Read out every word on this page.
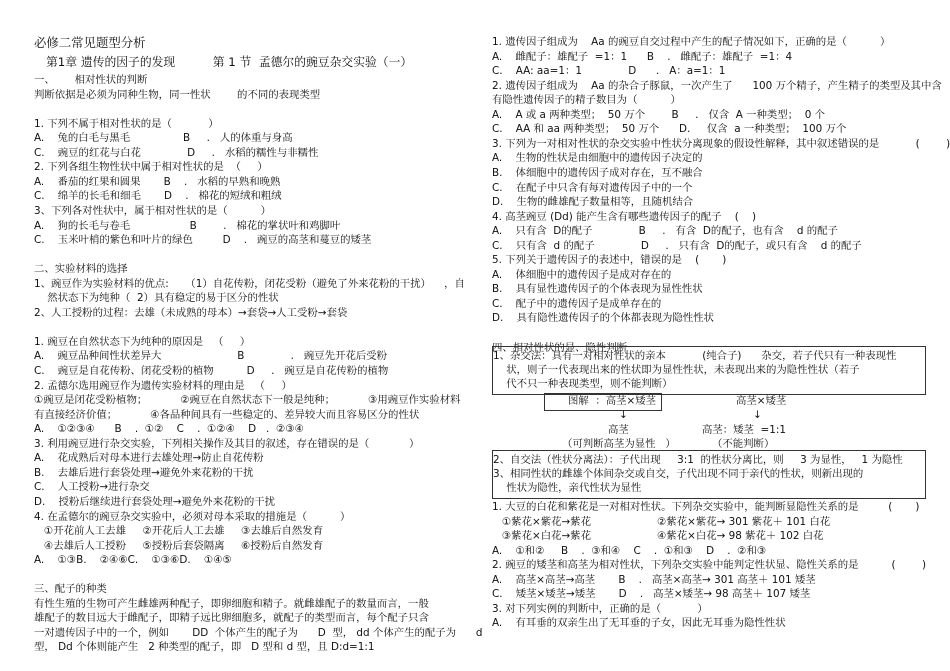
必修二常见题型分析
第1章 遗传的因子的发现          第 1 节  孟德尔的豌豆杂交实验（一）
一、      相对性状的判断
判断依据是必须为同种生物，同一性状        的不同的表现类型
1. 下列不属于相对性状的是（           ）
A.    兔的白毛与黑毛                B     .   人的体重与身高
C.    豌豆的红花与白花              D     .   水稻的糯性与非糯性
2. 下列各组生物性状中属于相对性状的是  （     ）
A.    番茄的红果和圆果       B    .   水稻的早熟和晚熟
C.    绵羊的长毛和细毛       D    .   棉花的短绒和粗绒
3、下列各对性状中，属于相对性状的是（          ）
A.    狗的长毛与卷毛                  B        .   棉花的掌状叶和鸡脚叶
C.    玉米叶梢的紫色和叶片的绿色         D    .   豌豆的高茎和蔓豆的矮茎
二、实验材料的选择
1、豌豆作为实验材料的优点:     （1）自花传粉，闭花受粉（避免了外来花粉的干扰）    ，自
然状态下为纯种（  2）具有稳定的易于区分的性状
2、人工授粉的过程：去雄（未成熟的母本）→套袋→人工受粉→套袋
1. 豌豆在自然状态下为纯种的原因是   （     ）
A.    豌豆品种间性状差异大                       B              .   豌豆先开花后受粉
C.    豌豆是自花传粉、闭花受粉的植物          D     .   豌豆是自花传粉的植物
2. 孟德尔选用豌豆作为遗传实验材料的理由是   （     ）
①豌豆是闭花受粉植物；          ②豌豆在自然状态下一般是纯种；          ③用豌豆作实验材料
有直接经济价值；          ④各品种间具有一些稳定的、差异较大而且容易区分的性状
A.    ①②③④      B    .  ①②    C    .  ①②④    D   .  ②③④
3. 利用豌豆进行杂交实验，下列相关操作及其目的叙述，存在错误的是（            ）
A.    花成熟后对母本进行去雄处理→防止自花传粉
B.    去雄后进行套袋处理→避免外来花粉的干扰
C.    人工授粉→进行杂交
D.    授粉后继续进行套袋处理→避免外来花粉的干扰
4. 在孟德尔的豌豆杂交实验中，必须对母本采取的措施是（          ）
①开花前人工去雄     ②开花后人工去雄     ③去雄后自然发育
④去雄后人工授粉     ⑤授粉后套袋隔离     ⑥授粉后自然发育
A.    ①③B.    ②④⑥C.    ①③⑥D.    ①④⑤
三、配子的种类
有性生殖的生物可产生雌雄两种配子，即卵细胞和精子。就雌雄配子的数量而言，一般
雄配子的数目远大于雌配子，即精子远比卵细胞多，就配子的类型而言，每个配子只含
一对遗传因子中的一个，例如       DD  个体产生的配子为      D  型， dd 个体产生的配子为      d
型， Dd 个体则能产生   2 种类型的配子，即   D 型和 d 型，且 D:d=1:1
1. 遗传因子组成为    Aa 的豌豆自交过程中产生的配子情况如下，正确的是（          ）
A.    雌配子：雄配子  =1：1      B    .   雌配子：雄配子  =1：4
C.    AA: aa=1：1              D      .   A：a=1：1
2. 遗传因子组成为    Aa 的杂合子豚鼠，一次产生了      100 万个精子，产生精子的类型及其中含
有隐性遗传因子的精子数目为（          ）
A.    A 或 a 两种类型；  50 万个        B     .   仅含  A 一种类型；  0 个
C.    AA 和 aa 两种类型；  50 万个      D.     仅含  a 一种类型；  100 万个
3. 下列为一对相对性状的杂交实验中性状分离现象的假设性解释，其中叙述错误的是           (        )
A.    生物的性状是由细胞中的遗传因子决定的
B.    体细胞中的遗传因子成对存在，互不融合
C.    在配子中只含有每对遗传因子中的一个
D.    生物的雌雄配子数量相等，且随机结合
4. 高茎豌豆 (Dd) 能产生含有哪些遗传因子的配子    (    )
A.    只有含  D的配子              B     .   有含  D的配子，也有含    d 的配子
C.    只有含  d 的配子              D     .   只有含  D的配子，或只有含    d 的配子
5. 下列关于遗传因子的表述中，错误的是    (       )
A.    体细胞中的遗传因子是成对存在的
B.    具有显性遗传因子的个体表现为显性性状
C.    配子中的遗传因子是成单存在的
D.    具有隐性遗传因子的个体都表现为隐性性状
四、相对性状的显、隐性判断
1、杂交法：具有一对相对性状的亲本           (纯合子)      杂交，若子代只有一种表现性
状，则子一代表现出来的性状即为显性性状，未表现出来的为隐性性状（若子
代不只一种表现类型，则不能判断）
图解  ：高茎×矮茎	高茎×矮茎
↓	↓
高茎	高茎：矮茎  =1:1
（可判断高茎为显性   ）	（不能判断）
2、自交法（性状分离法）：子代出现     3:1  的性状分离比，则     3 为显性，   1 为隐性
3、相同性状的雌雄个体间杂交或自交，子代出现不同于亲代的性状，则新出现的
性状为隐性，亲代性状为显性
1. 大豆的白花和紫花是一对相对性状。下列杂交实验中，能判断显隐性关系的是         (       )
①紫花×紫花→紫花                    ②紫花×紫花→ 301 紫花＋ 101 白花
③紫花×白花→紫花                    ④紫花×白花→ 98 紫花＋ 102 白花
A.    ①和②     B    .  ③和④    C    .  ①和③    D    .  ②和③
2. 豌豆的矮茎和高茎为相对性状，下列杂交实验中能判定性状显、隐性关系的是          (        )
A.    高茎×高茎→高茎       B    .   高茎×高茎→ 301 高茎＋ 101 矮茎
C.    矮茎×矮茎→矮茎       D    .   高茎×矮茎→ 98 高茎＋ 107 矮茎
3. 对下列实例的判断中，正确的是（           ）
A.    有耳垂的双亲生出了无耳垂的子女，因此无耳垂为隐性性状
